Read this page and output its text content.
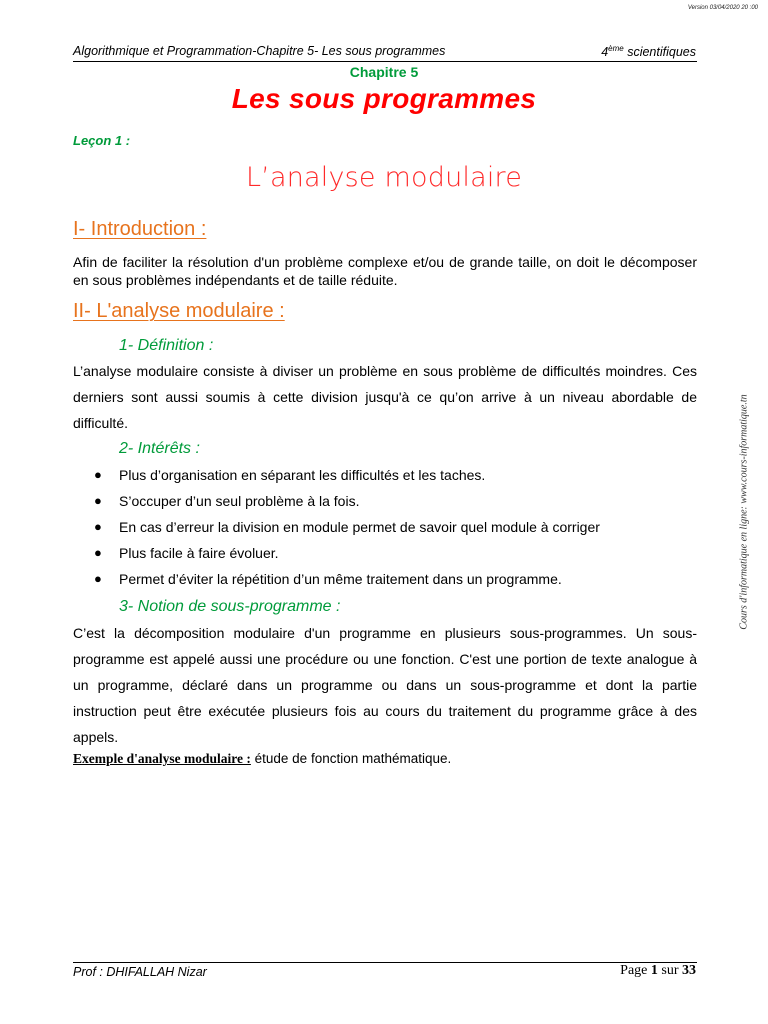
Version 03/04/2020 20 :00
Algorithmique et Programmation-Chapitre 5- Les sous programmes	4ème scientifiques
Chapitre 5
Les sous programmes
Leçon 1 :
L’analyse modulaire
I- Introduction :
Afin de faciliter la résolution d'un problème complexe et/ou de grande taille, on doit le décomposer en sous problèmes indépendants et de taille réduite.
II- L'analyse modulaire :
1- Définition :
L’analyse modulaire consiste à diviser un problème en sous problème de difficultés moindres. Ces derniers sont aussi soumis à cette division jusqu'à ce qu’on arrive à un niveau abordable de difficulté.
2- Intérêts :
● Plus d’organisation en séparant les difficultés et les taches.
● S’occuper d’un seul problème à la fois.
● En cas d’erreur la division en module permet de savoir quel module à corriger
● Plus facile à faire évoluer.
● Permet d’éviter la répétition d’un même traitement dans un programme.
3- Notion de sous-programme :
C’est la décomposition modulaire d'un programme en plusieurs sous-programmes. Un sous-programme est appelé aussi une procédure ou une fonction. C'est une portion de texte analogue à un programme, déclaré dans un programme ou dans un sous-programme et dont la partie instruction peut être exécutée plusieurs fois au cours du traitement du programme grâce à des appels.
Exemple d'analyse modulaire : étude de fonction mathématique.
Cours d'informatique en ligne: www.cours-informatique.tn
Prof : DHIFALLAH Nizar	Page 1 sur 33
